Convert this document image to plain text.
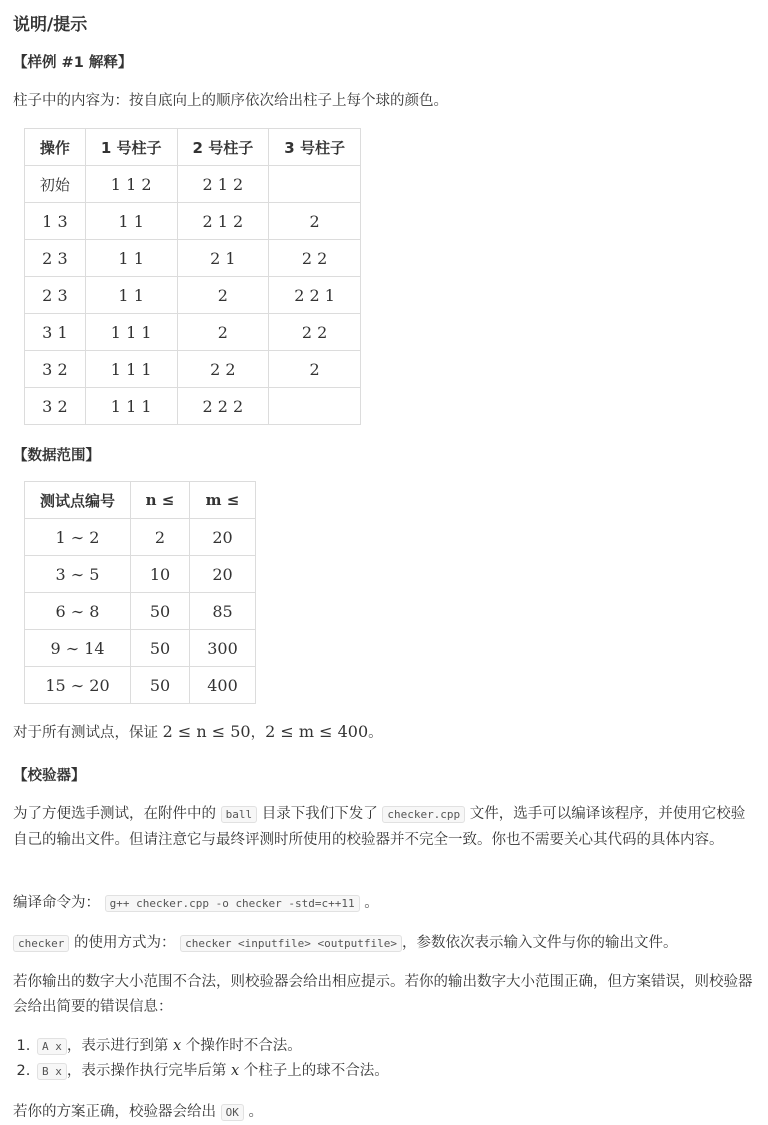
说明/提示
【样例 #1 解释】

柱子中的内容为：按自底向上的顺序依次给出柱子上每个球的颜色。

操作	1 号柱子	2 号柱子	3 号柱子
初始	1 1 2	2 1 2	
1 3	1 1	2 1 2	2
2 3	1 1	2 1	2 2
2 3	1 1	2	2 2 1
3 1	1 1 1	2	2 2
3 2	1 1 1	2 2	2
3 2	1 1 1	2 2 2	
【数据范围】
测试点编号	n ≤	m ≤
1 ∼ 2	2	20
3 ∼ 5	10	20
6 ∼ 8	50	85
9 ∼ 14	50	300
15 ∼ 20	50	400

对于所有测试点，保证 2 ≤ n ≤ 50，2 ≤ m ≤ 400。

【校验器】

为了方便选手测试，在附件中的 ball 目录下我们下发了 checker.cpp 文件，选手可以编译该程序，并使用它校验自己的输出文件。但请注意它与最终评测时所使用的校验器并不完全一致。你也不需要关心其代码的具体内容。

编译命令为： g++ checker.cpp -o checker -std=c++11 。

checker 的使用方式为： checker <inputfile> <outputfile> ，参数依次表示输入文件与你的输出文件。

若你输出的数字大小范围不合法，则校验器会给出相应提示。若你的输出数字大小范围正确，但方案错误，则校验器会给出简要的错误信息：

1. A x ，表示进行到第 x 个操作时不合法。
2. B x ，表示操作执行完毕后第 x 个柱子上的球不合法。

若你的方案正确，校验器会给出 OK 。
